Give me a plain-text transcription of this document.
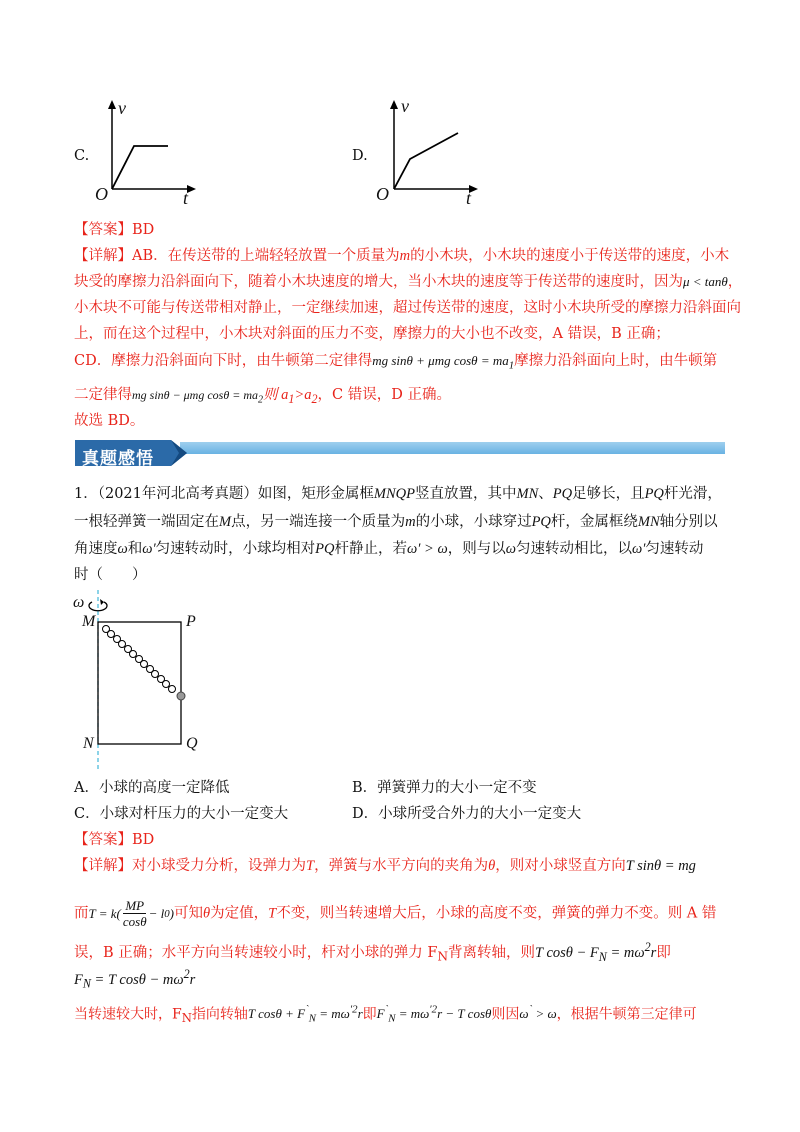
C.
v
t
O
D.
v
t
O
【答案】BD
【详解】AB．在传送带的上端轻轻放置一个质量为m的小木块，小木块的速度小于传送带的速度，小木
块受的摩擦力沿斜面向下，随着小木块速度的增大，当小木块的速度等于传送带的速度时，因为μ < tanθ，
小木块不可能与传送带相对静止，一定继续加速，超过传送带的速度，这时小木块所受的摩擦力沿斜面向
上，而在这个过程中，小木块对斜面的压力不变，摩擦力的大小也不改变，A 错误，B 正确；
CD．摩擦力沿斜面向下时，由牛顿第二定律得mg sinθ + μmg $\cos\theta = ma_1$摩擦力沿斜面向上时，由牛顿第
二定律得mg sinθ − μmg $\cos\theta = ma_2$则 $a_1>a_2$，C 错误，D 正确。
故选 BD。
真题感悟
1．（2021年河北高考真题）如图，矩形金属框MNQP竖直放置，其中MN、PQ足够长，且PQ杆光滑，
一根轻弹簧一端固定在M点，另一端连接一个质量为m的小球，小球穿过PQ杆，金属框绕MN轴分别以
角速度ω和ω′匀速转动时，小球均相对PQ杆静止，若ω′ > ω，则与以ω匀速转动相比，以ω′匀速转动
时（　　）
ω
M	P
N	Q
A．小球的高度一定降低	B．弹簧弹力的大小一定不变
C．小球对杆压力的大小一定变大	D．小球所受合外力的大小一定变大
【答案】BD
【详解】对小球受力分析，设弹力为T，弹簧与水平方向的夹角为θ，则对小球竖直方向T sinθ = mg
而 T = k( MP
cosθ
− l 0 ) 可知θ为定值，T不变，则当转速增大后，小球的高度不变，弹簧的弹力不变。则 A 错
误，B 正确；水平方向当转速较小时，杆对小球的弹力 $F_N$背离转轴，则T $\cos\theta - F_N = m\omega^2r$即
$F_N = T$ $\cos\theta - m\omega^2r$
当转速较大时，$F_N$指向转轴T $\cos\theta + F^`_N = m\omega^{'2}r$即$F^`_N = m\omega^{'2}r - T$ cosθ则因ω` > ω，根据牛顿第三定律可
